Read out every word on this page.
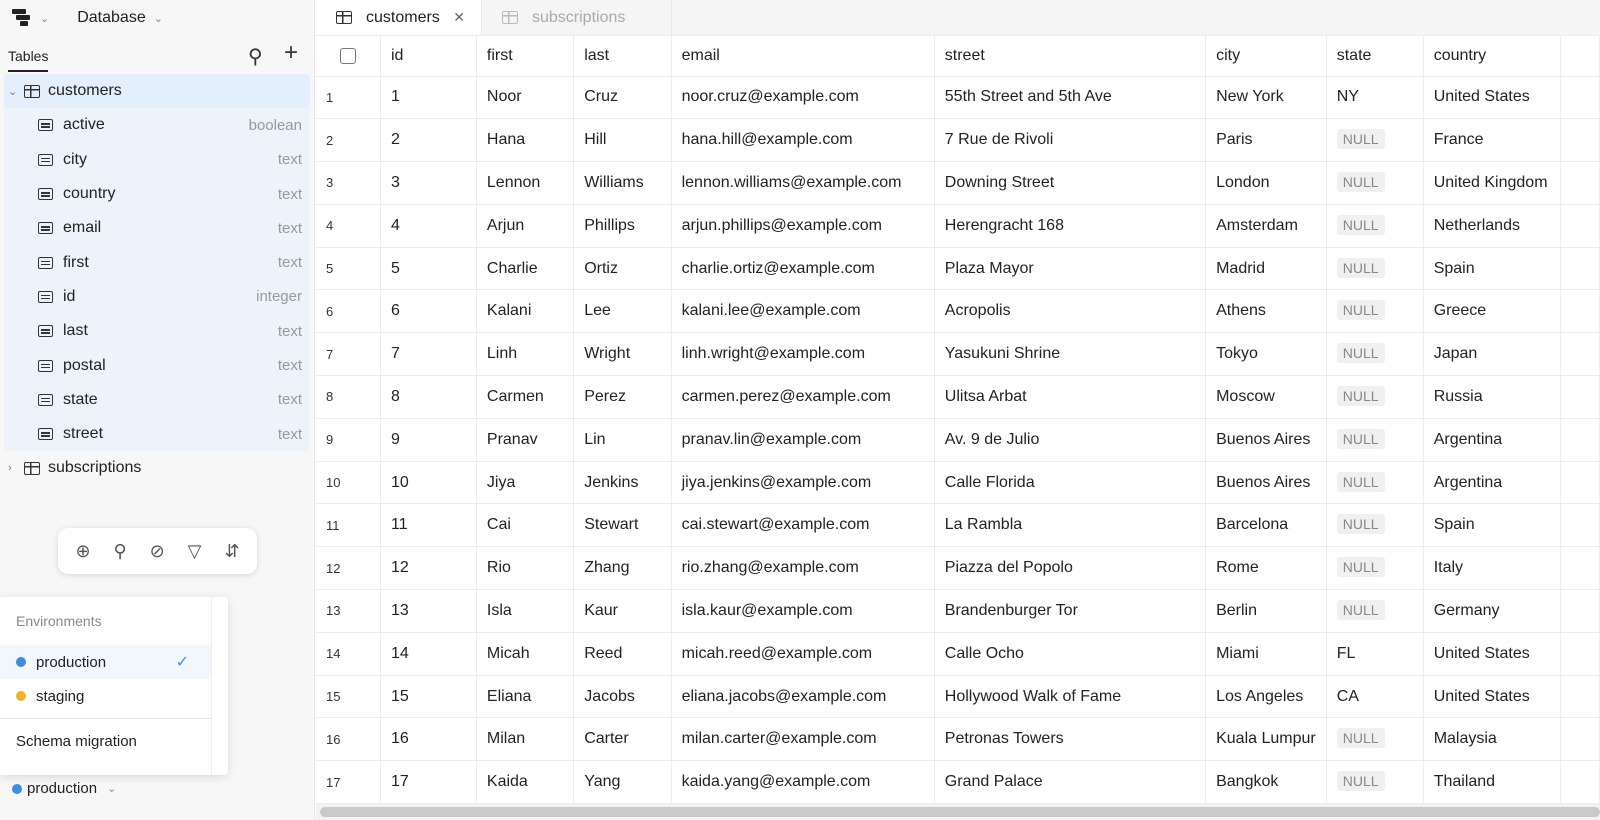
⌄ Database ⌄
Tables	⚲ +
⌄ customers
active	boolean
city	text
country	text
email	text
first	text
id	integer
last	text
postal	text
state	text
street	text
›	subscriptions
Environments
production	✓
staging
Schema migration
production ⌄
customers ✕	subscriptions
	id	first	last	email	street	city	state	country	
1	1	Noor	Cruz	noor.cruz@example.com	55th Street and 5th Ave	New York	NY	United States	
2	2	Hana	Hill	hana.hill@example.com	7 Rue de Rivoli	Paris	NULL	France	
3	3	Lennon	Williams	lennon.williams@example.com	Downing Street	London	NULL	United Kingdom	
4	4	Arjun	Phillips	arjun.phillips@example.com	Herengracht 168	Amsterdam	NULL	Netherlands	
5	5	Charlie	Ortiz	charlie.ortiz@example.com	Plaza Mayor	Madrid	NULL	Spain	
6	6	Kalani	Lee	kalani.lee@example.com	Acropolis	Athens	NULL	Greece	
7	7	Linh	Wright	linh.wright@example.com	Yasukuni Shrine	Tokyo	NULL	Japan	
8	8	Carmen	Perez	carmen.perez@example.com	Ulitsa Arbat	Moscow	NULL	Russia	
9	9	Pranav	Lin	pranav.lin@example.com	Av. 9 de Julio	Buenos Aires	NULL	Argentina	
10	10	Jiya	Jenkins	jiya.jenkins@example.com	Calle Florida	Buenos Aires	NULL	Argentina	
11	11	Cai	Stewart	cai.stewart@example.com	La Rambla	Barcelona	NULL	Spain	
12	12	Rio	Zhang	rio.zhang@example.com	Piazza del Popolo	Rome	NULL	Italy	
13	13	Isla	Kaur	isla.kaur@example.com	Brandenburger Tor	Berlin	NULL	Germany	
14	14	Micah	Reed	micah.reed@example.com	Calle Ocho	Miami	FL	United States	
15	15	Eliana	Jacobs	eliana.jacobs@example.com	Hollywood Walk of Fame	Los Angeles	CA	United States	
16	16	Milan	Carter	milan.carter@example.com	Petronas Towers	Kuala Lumpur	NULL	Malaysia	
17	17	Kaida	Yang	kaida.yang@example.com	Grand Palace	Bangkok	NULL	Thailand	
⊕ ⚲ ⊘ ▽ ⇵
